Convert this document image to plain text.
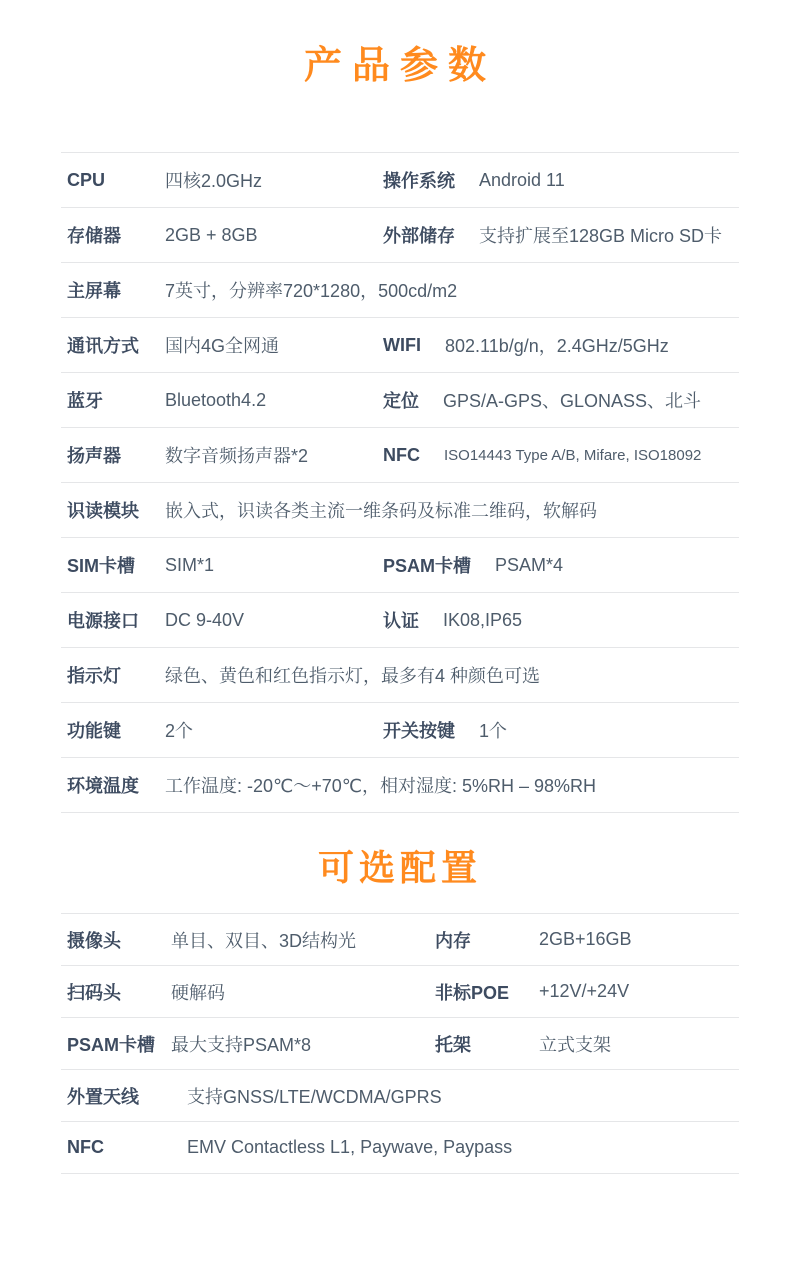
产品参数
CPU	四核2.0GHz	操作系统	Android 11
存储器	2GB + 8GB	外部储存	支持扩展至128GB Micro SD卡
主屏幕	7英寸，分辨率720*1280，500cd/m2
通讯方式	国内4G全网通	WIFI	802.11b/g/n，2.4GHz/5GHz
蓝牙	Bluetooth4.2	定位	GPS/A-GPS、GLONASS、北斗
扬声器	数字音频扬声器*2	NFC	ISO14443 Type A/B, Mifare, ISO18092
识读模块	嵌入式，识读各类主流一维条码及标准二维码，软解码
SIM卡槽	SIM*1	PSAM卡槽	PSAM*4
电源接口	DC 9-40V	认证	IK08,IP65
指示灯	绿色、黄色和红色指示灯，最多有4 种颜色可选
功能键	2个	开关按键	1个
环境温度	工作温度: -20℃～+70℃，相对湿度: 5%RH – 98%RH
可选配置
摄像头	单目、双目、3D结构光	内存	2GB+16GB
扫码头	硬解码	非标POE	+12V/+24V
PSAM卡槽 最大支持PSAM*8	托架	立式支架
外置天线	支持GNSS/LTE/WCDMA/GPRS
NFC	EMV Contactless L1, Paywave, Paypass
